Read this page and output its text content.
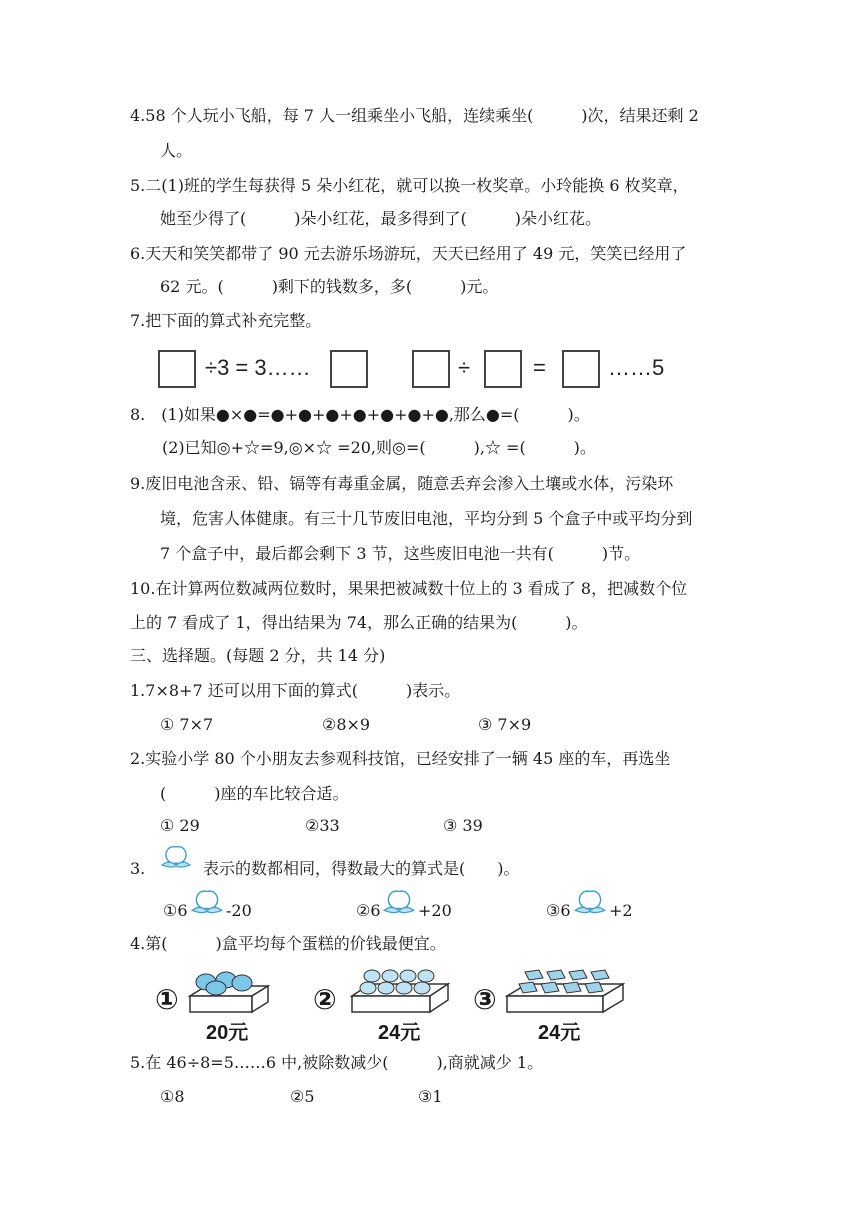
4.58 个人玩小飞船，每 7 人一组乘坐小飞船，连续乘坐(　　　)次，结果还剩 2
人。
5.二(1)班的学生每获得 5 朵小红花，就可以换一枚奖章。小玲能换 6 枚奖章，
她至少得了(　　　)朵小红花，最多得到了(　　　)朵小红花。
6.天天和笑笑都带了 90 元去游乐场游玩，天天已经用了 49 元，笑笑已经用了
62 元。(　　　)剩下的钱数多，多(　　　)元。
7.把下面的算式补充完整。
÷3 = 3……	÷	=	……5
8.　(1)如果●×●=●+●+●+●+●+●+●,那么●=(　　　)。
(2)已知◎+☆=9,◎×☆ =20,则◎=(　　　),☆ =(　　　)。
9.废旧电池含汞、铅、镉等有毒重金属，随意丢弃会渗入土壤或水体，污染环
境，危害人体健康。有三十几节废旧电池，平均分到 5 个盒子中或平均分到
7 个盒子中，最后都会剩下 3 节，这些废旧电池一共有(　　　)节。
10.在计算两位数减两位数时，果果把被减数十位上的 3 看成了 8，把减数个位
上的 7 看成了 1，得出结果为 74，那么正确的结果为(　　　)。
三、选择题。(每题 2 分，共 14 分)
1.7×8+7 还可以用下面的算式(　　　)表示。
① 7×7	②8×9	③ 7×9
2.实验小学 80 个小朋友去参观科技馆，已经安排了一辆 45 座的车，再选坐
(　　　)座的车比较合适。
① 29	②33	③ 39
3.	表示的数都相同，得数最大的算式是(　　)。
①6 -20	②6 +20	③6 +2
4.第(　　　)盒平均每个蛋糕的价钱最便宜。
①
20元
②
24元
③
24元
5.在 46÷8=5……6 中,被除数减少(　　　),商就减少 1。
①8	②5	③1
